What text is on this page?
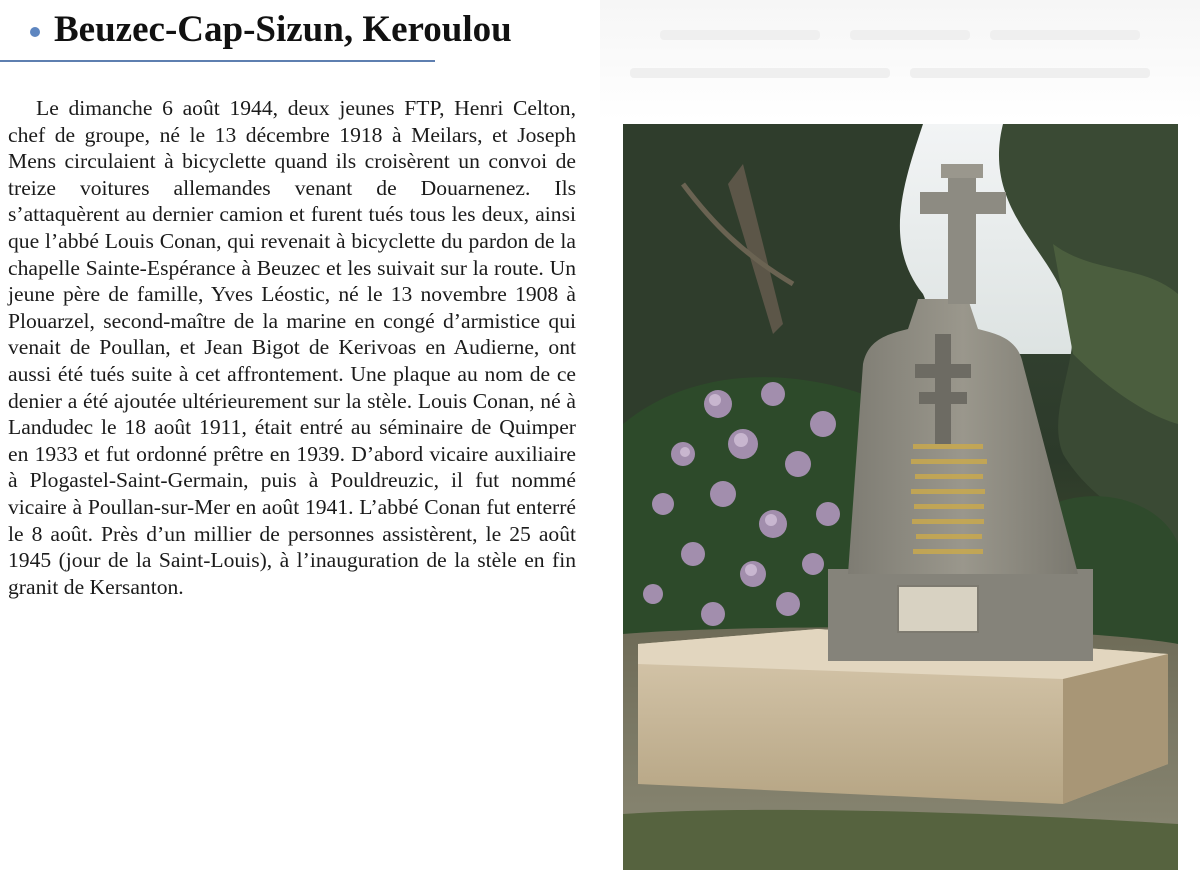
Beuzec-Cap-Sizun, Keroulou

Le dimanche 6 août 1944, deux jeunes FTP, Henri Celton, chef de groupe, né le 13 décembre 1918 à Meilars, et Joseph Mens circulaient à bicyclette quand ils croisèrent un convoi de treize voitures allemandes venant de Douarnenez. Ils s’attaquèrent au dernier camion et furent tués tous les deux, ainsi que l’abbé Louis Conan, qui revenait à bicyclette du pardon de la chapelle Sainte-Espérance à Beuzec et les suivait sur la route. Un jeune père de famille, Yves Léostic, né le 13 novembre 1908 à Plouarzel, second-maître de la marine en congé d’armistice qui venait de Poullan, et Jean Bigot de Kerivoas en Audierne, ont aussi été tués suite à cet affrontement. Une plaque au nom de ce denier a été ajoutée ultérieurement sur la stèle. Louis Conan, né à Landudec le 18 août 1911, était entré au séminaire de Quimper en 1933 et fut ordonné prêtre en 1939. D’abord vicaire auxiliaire à Plogastel-Saint-Germain, puis à Pouldreuzic, il fut nommé vicaire à Poullan-sur-Mer en août 1941. L’abbé Conan fut enterré le 8 août. Près d’un millier de personnes assistèrent, le 25 août 1945 (jour de la Saint-Louis), à l’inauguration de la stèle en fin granit de Kersanton.
